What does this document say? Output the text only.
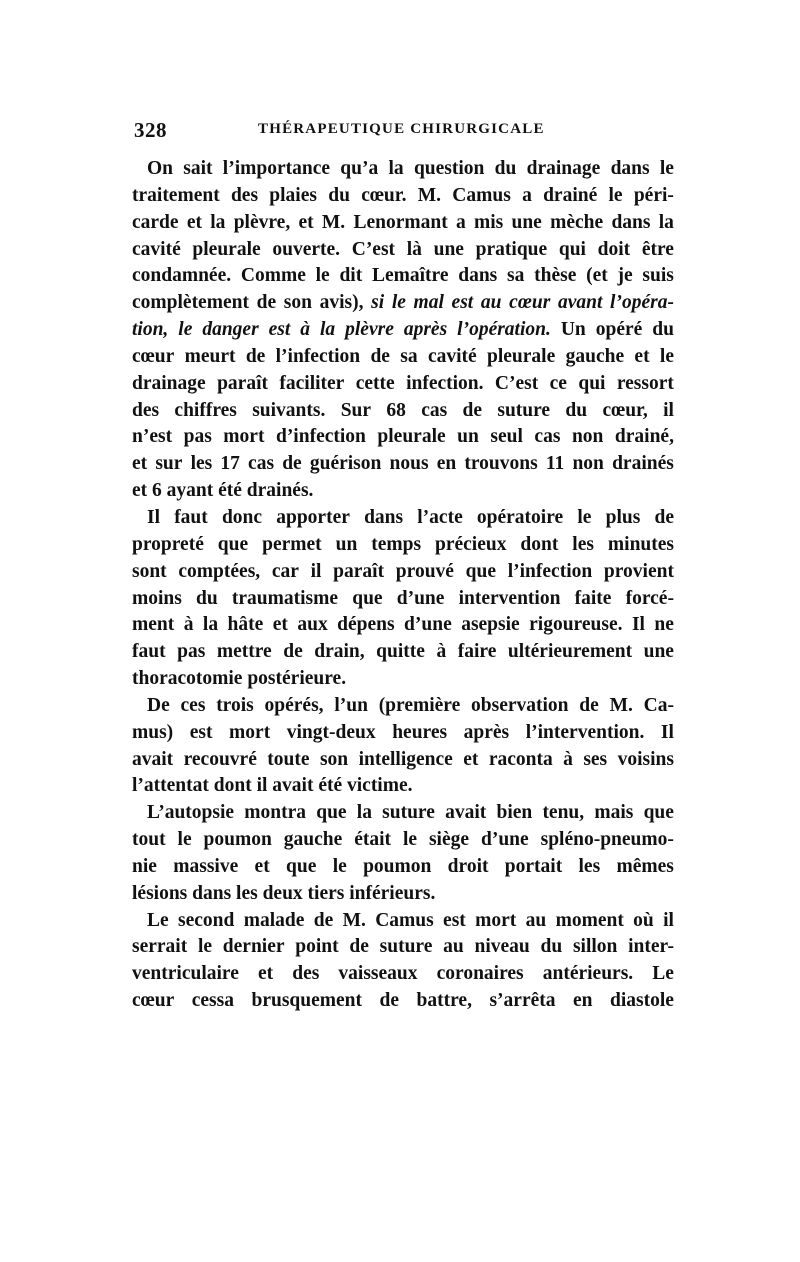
328	THÉRAPEUTIQUE CHIRURGICALE
On sait l’importance qu’a la question du drainage dans le
traitement des plaies du cœur. M. Camus a drainé le péri-
carde et la plèvre, et M. Lenormant a mis une mèche dans la
cavité pleurale ouverte. C’est là une pratique qui doit être
condamnée. Comme le dit Lemaître dans sa thèse (et je suis
complètement de son avis), si le mal est au cœur avant l’opéra-
tion, le danger est à la plèvre après l’opération. Un opéré du
cœur meurt de l’infection de sa cavité pleurale gauche et le
drainage paraît faciliter cette infection. C’est ce qui ressort
des chiffres suivants. Sur 68 cas de suture du cœur, il
n’est pas mort d’infection pleurale un seul cas non drainé,
et sur les 17 cas de guérison nous en trouvons 11 non drainés
et 6 ayant été drainés.
Il faut donc apporter dans l’acte opératoire le plus de
propreté que permet un temps précieux dont les minutes
sont comptées, car il paraît prouvé que l’infection provient
moins du traumatisme que d’une intervention faite forcé-
ment à la hâte et aux dépens d’une asepsie rigoureuse. Il ne
faut pas mettre de drain, quitte à faire ultérieurement une
thoracotomie postérieure.
De ces trois opérés, l’un (première observation de M. Ca-
mus) est mort vingt-deux heures après l’intervention. Il
avait recouvré toute son intelligence et raconta à ses voisins
l’attentat dont il avait été victime.
L’autopsie montra que la suture avait bien tenu, mais que
tout le poumon gauche était le siège d’une spléno-pneumo-
nie massive et que le poumon droit portait les mêmes
lésions dans les deux tiers inférieurs.
Le second malade de M. Camus est mort au moment où il
serrait le dernier point de suture au niveau du sillon inter-
ventriculaire et des vaisseaux coronaires antérieurs. Le
cœur cessa brusquement de battre, s’arrêta en diastole
